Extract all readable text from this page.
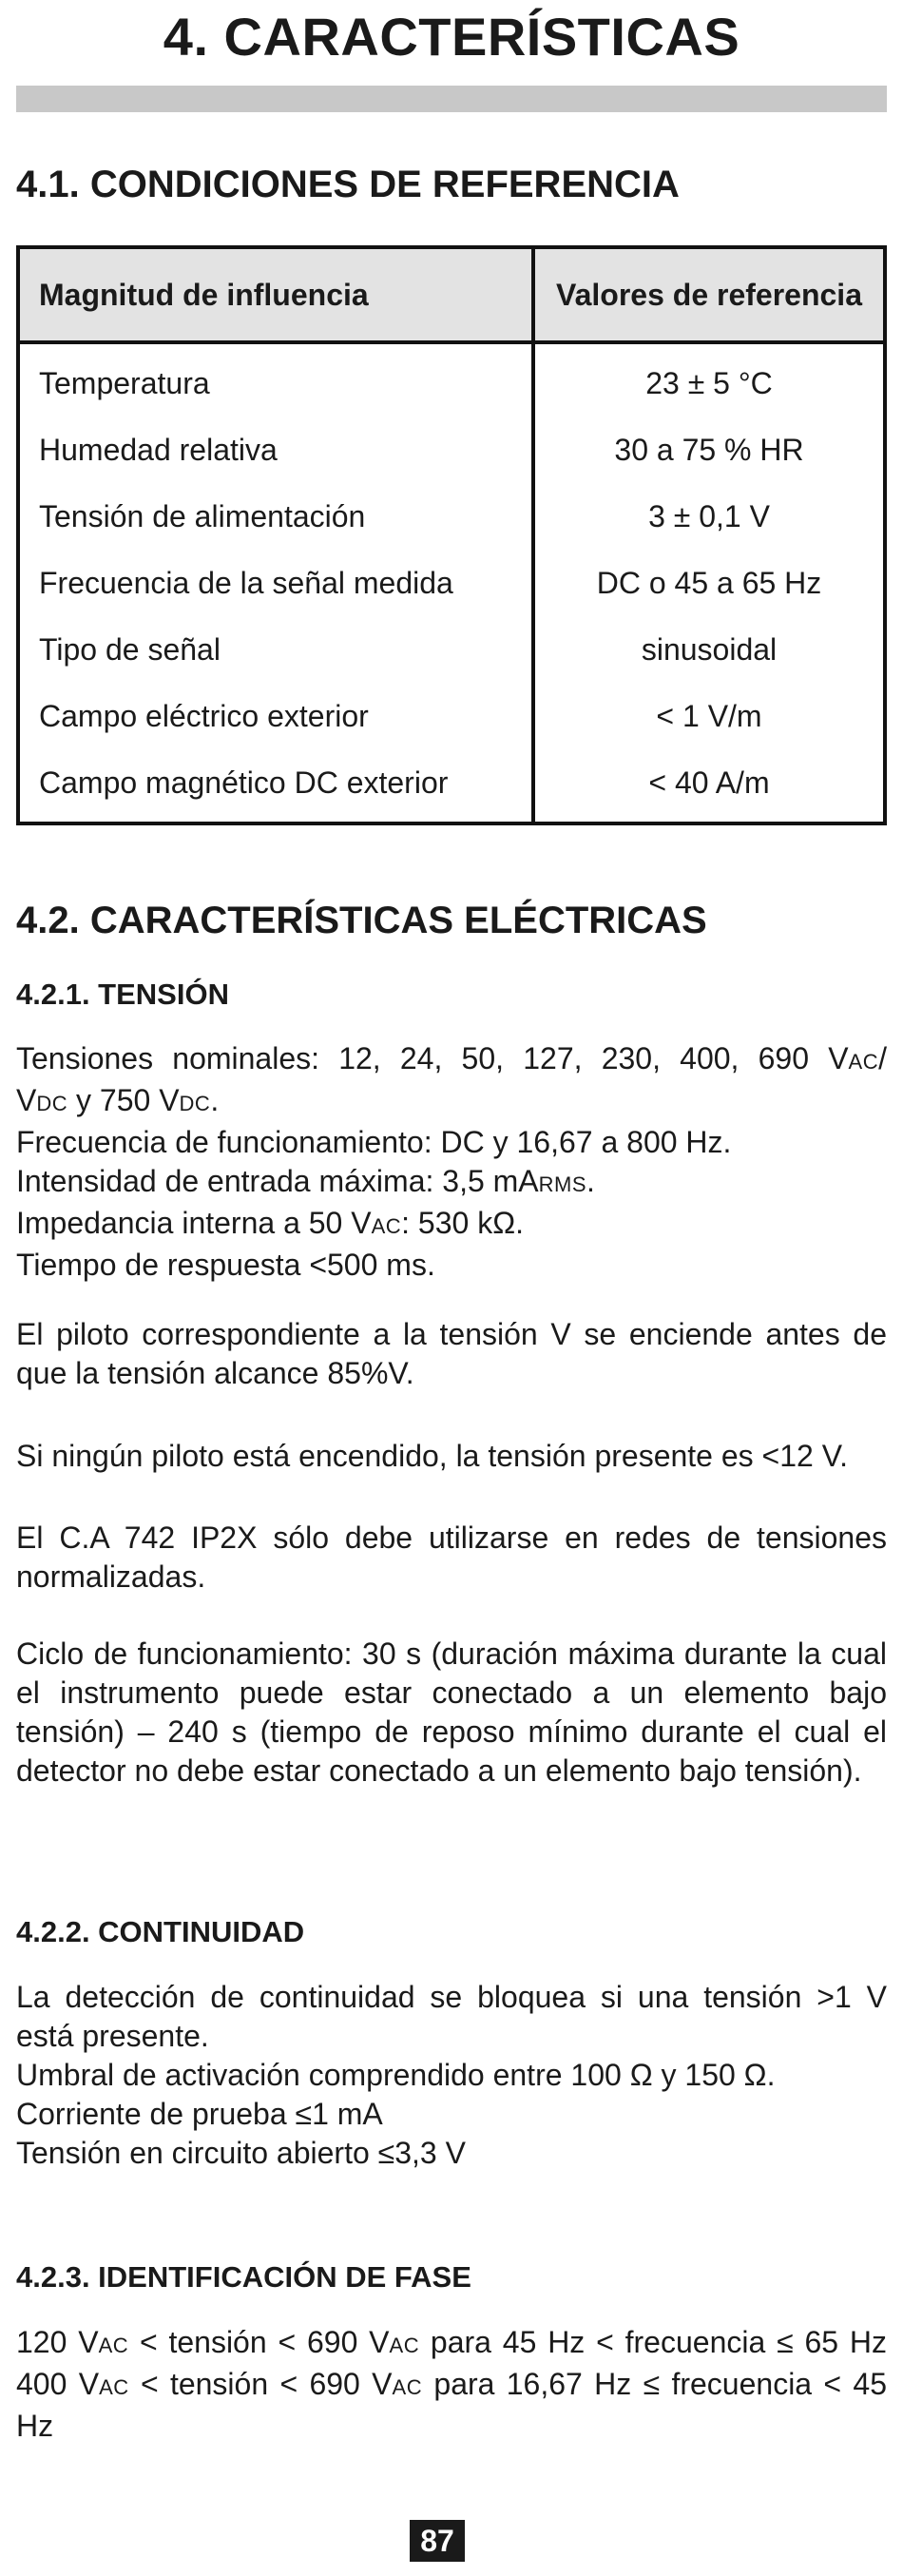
4. CARACTERÍSTICAS
4.1. CONDICIONES DE REFERENCIA
Magnitud de influencia	Valores de referencia
Temperatura	23 ± 5 °C
Humedad relativa	30 a 75 % HR
Tensión de alimentación	3 ± 0,1 V
Frecuencia de la señal medida	DC o 45 a 65 Hz
Tipo de señal	sinusoidal
Campo eléctrico exterior	< 1 V/m
Campo magnético DC exterior	< 40 A/m
4.2. CARACTERÍSTICAS ELÉCTRICAS
4.2.1. TENSIÓN
Tensiones nominales: 12, 24, 50, 127, 230, 400, 690 VAC/
VDC y 750 VDC.
Frecuencia de funcionamiento: DC y 16,67 a 800 Hz.
Intensidad de entrada máxima: 3,5 mARMS.
Impedancia interna a 50 VAC: 530 kΩ.
Tiempo de respuesta <500 ms.

El piloto correspondiente a la tensión V se enciende antes de que la tensión alcance 85%V.

Si ningún piloto está encendido, la tensión presente es <12 V.

El C.A 742 IP2X sólo debe utilizarse en redes de tensiones normalizadas.

Ciclo de funcionamiento: 30 s (duración máxima durante la cual el instrumento puede estar conectado a un elemento bajo tensión) – 240 s (tiempo de reposo mínimo durante el cual el detector no debe estar conectado a un elemento bajo tensión).

4.2.2. CONTINUIDAD
La detección de continuidad se bloquea si una tensión >1 V
está presente.
Umbral de activación comprendido entre 100 Ω y 150 Ω.
Corriente de prueba ≤1 mA
Tensión en circuito abierto ≤3,3 V
4.2.3. IDENTIFICACIÓN DE FASE
120 VAC < tensión < 690 VAC para 45 Hz < frecuencia ≤ 65 Hz
400 VAC < tensión < 690 VAC para 16,67 Hz ≤ frecuencia < 45 Hz
87
